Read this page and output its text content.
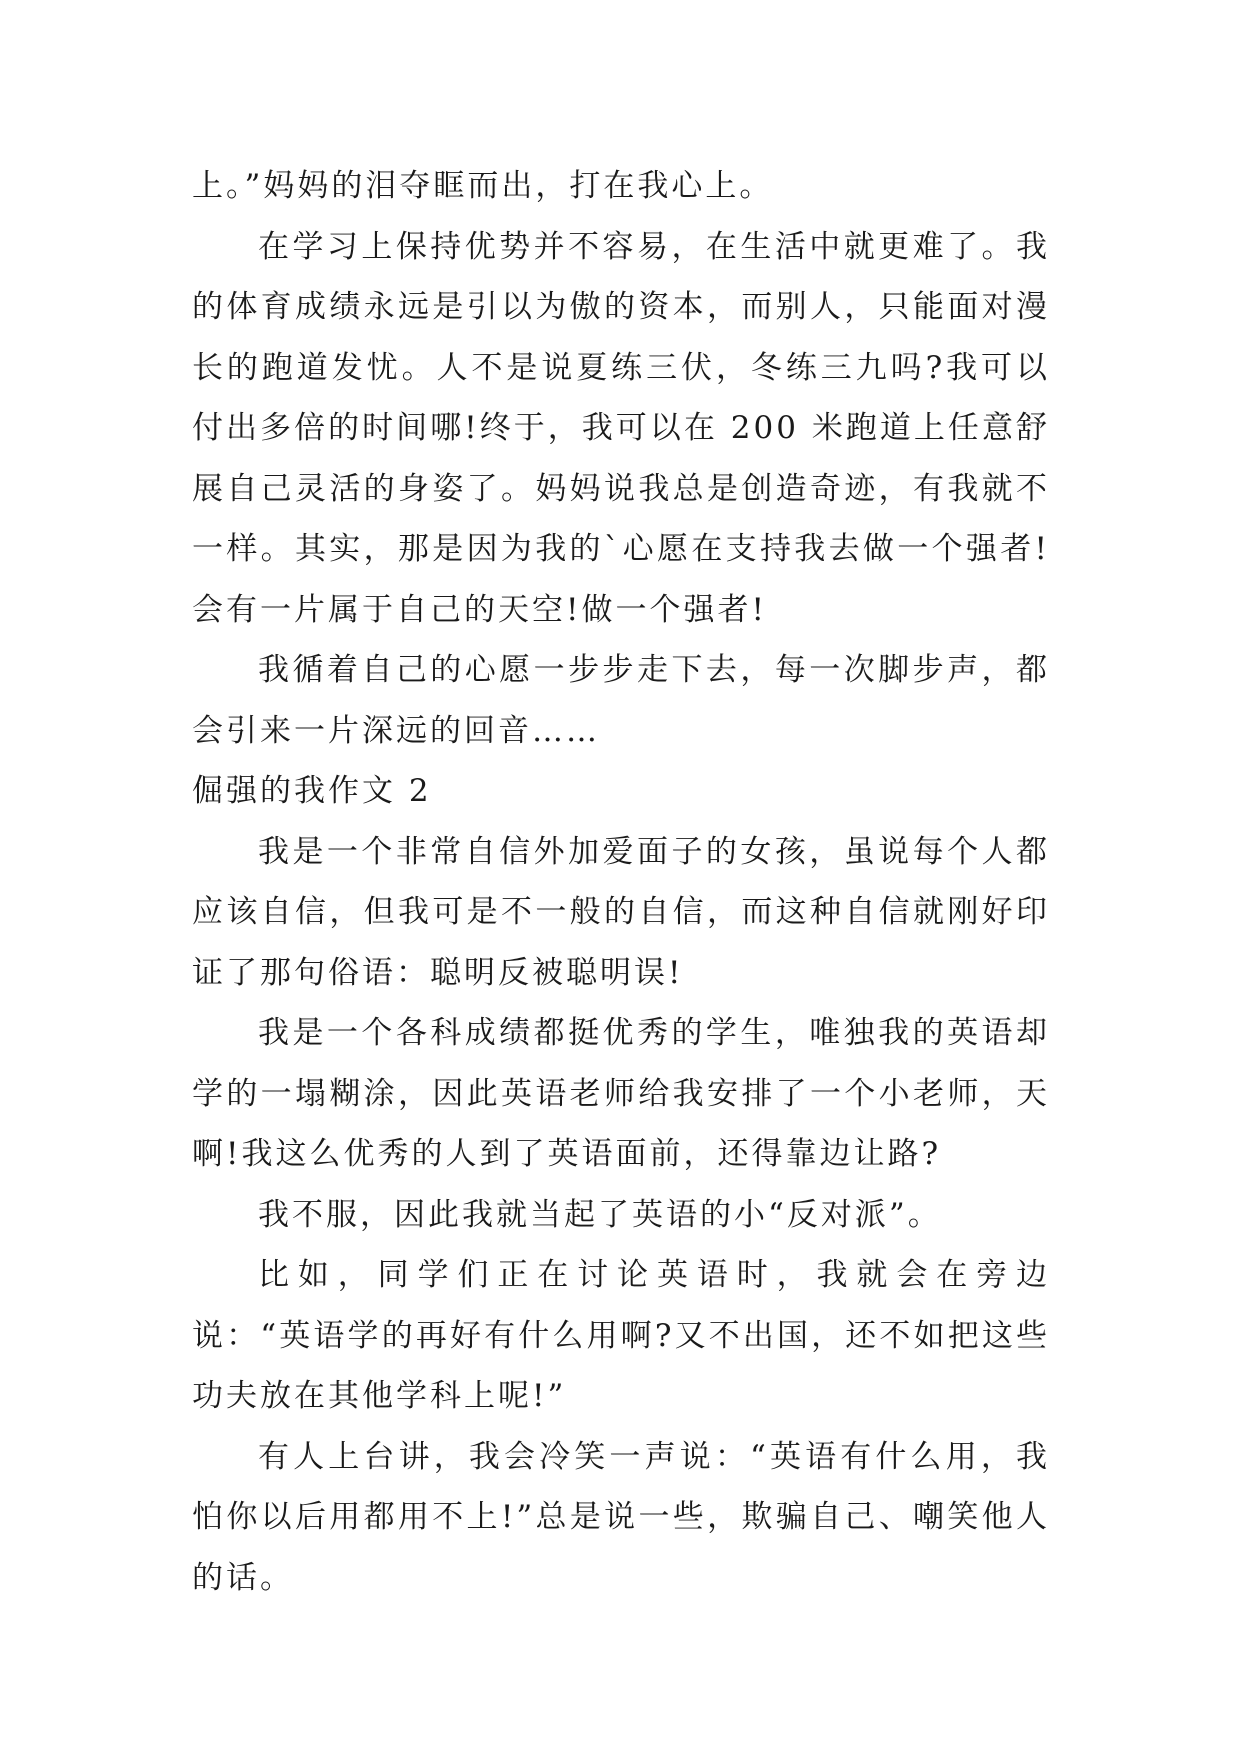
上。”妈妈的泪夺眶而出，打在我心上。

在学习上保持优势并不容易，在生活中就更难了。我的体育成绩永远是引以为傲的资本，而别人，只能面对漫长的跑道发忧。人不是说夏练三伏，冬练三九吗?我可以付出多倍的时间哪!终于，我可以在 200 米跑道上任意舒展自己灵活的身姿了。妈妈说我总是创造奇迹，有我就不一样。其实，那是因为我的`心愿在支持我去做一个强者!会有一片属于自己的天空!做一个强者!

我循着自己的心愿一步步走下去，每一次脚步声，都会引来一片深远的回音……

倔强的我作文 2

我是一个非常自信外加爱面子的女孩，虽说每个人都应该自信，但我可是不一般的自信，而这种自信就刚好印证了那句俗语：聪明反被聪明误!

我是一个各科成绩都挺优秀的学生，唯独我的英语却学的一塌糊涂，因此英语老师给我安排了一个小老师，天啊!我这么优秀的人到了英语面前，还得靠边让路?

我不服，因此我就当起了英语的小“反对派”。

比如，同学们正在讨论英语时，我就会在旁边说：“英语学的再好有什么用啊?又不出国，还不如把这些功夫放在其他学科上呢!”

有人上台讲，我会冷笑一声说：“英语有什么用，我怕你以后用都用不上!”总是说一些，欺骗自己、嘲笑他人的话。
